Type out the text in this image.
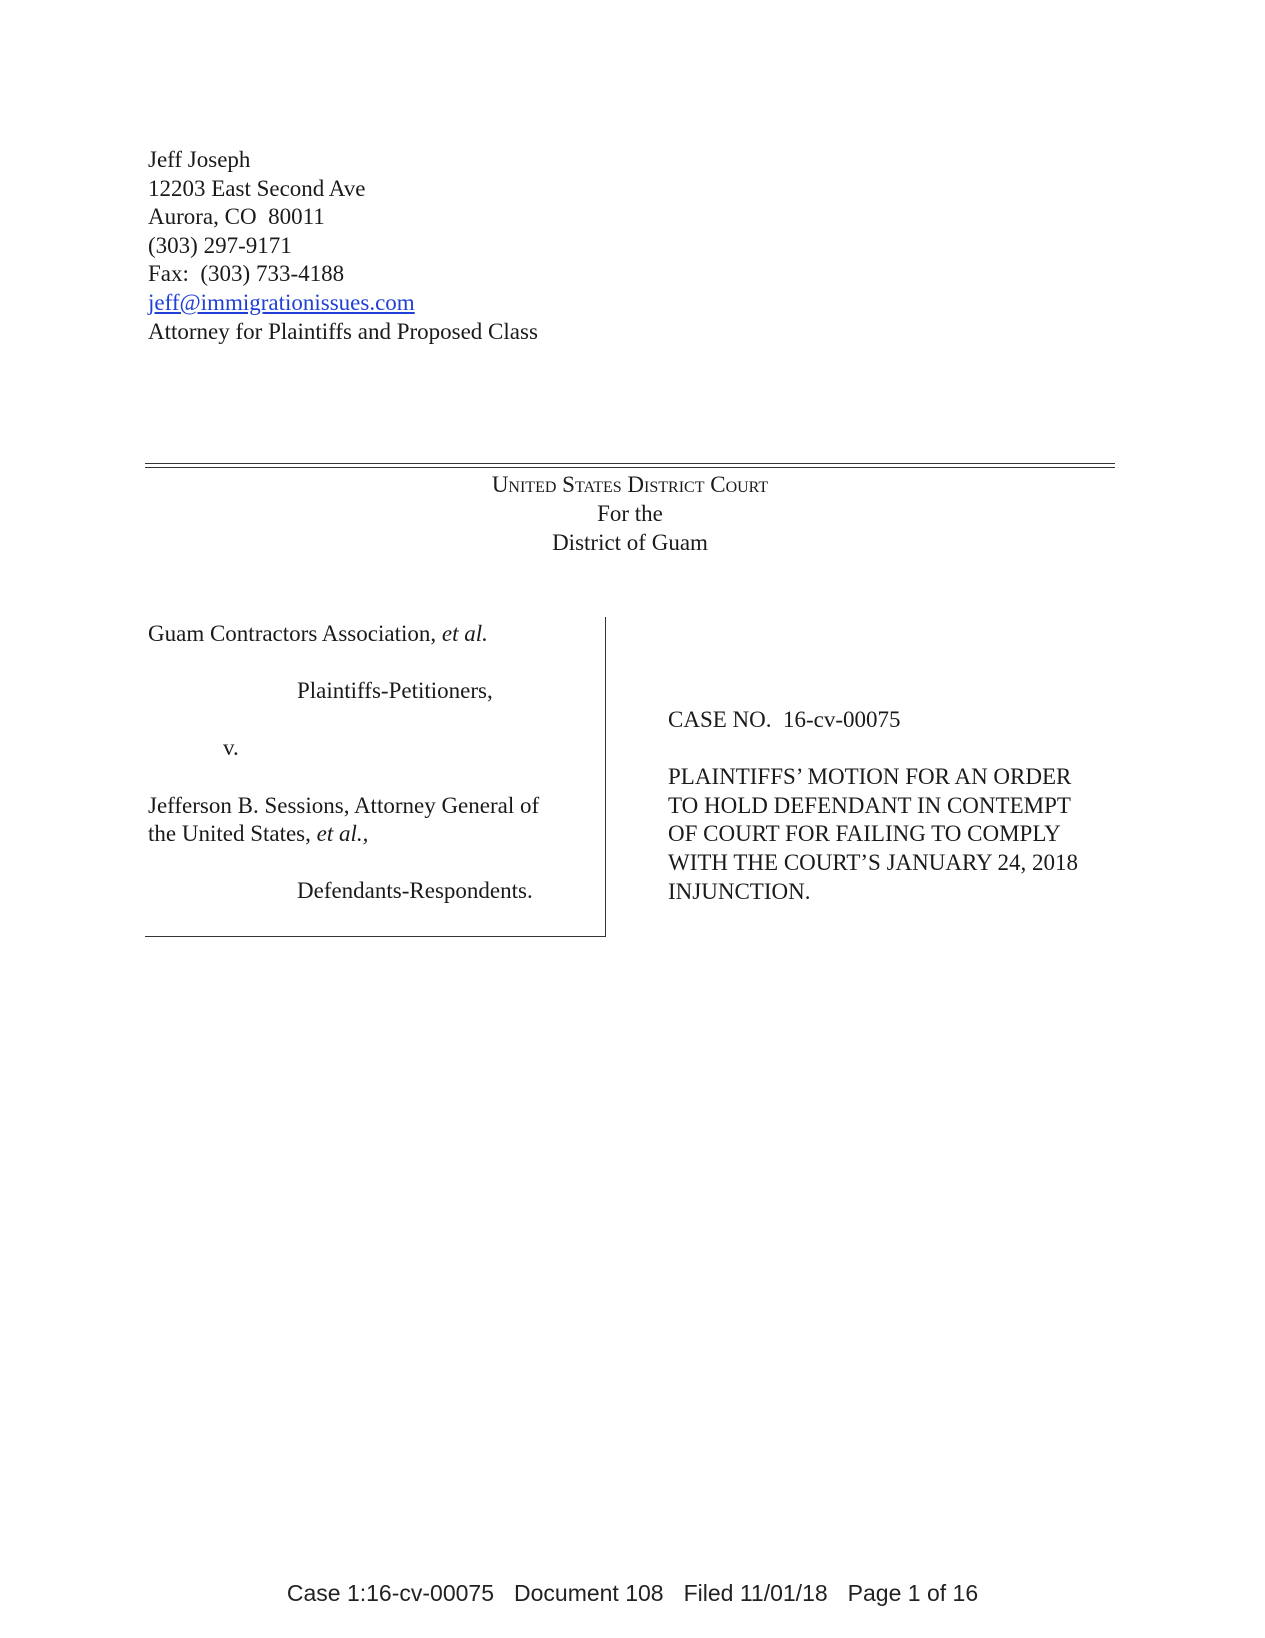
Jeff Joseph
12203 East Second Ave
Aurora, CO  80011
(303) 297-9171
Fax:  (303) 733-4188
jeff@immigrationissues.com
Attorney for Plaintiffs and Proposed Class
United States District Court
For the
District of Guam
Guam Contractors Association, et al.
Plaintiffs-Petitioners,
v.
Jefferson B. Sessions, Attorney General of
the United States, et al.,
Defendants-Respondents.
CASE NO.  16-cv-00075
PLAINTIFFS’ MOTION FOR AN ORDER
TO HOLD DEFENDANT IN CONTEMPT
OF COURT FOR FAILING TO COMPLY
WITH THE COURT’S JANUARY 24, 2018
INJUNCTION.
Case 1:16-cv-00075 Document 108 Filed 11/01/18 Page 1 of 16
